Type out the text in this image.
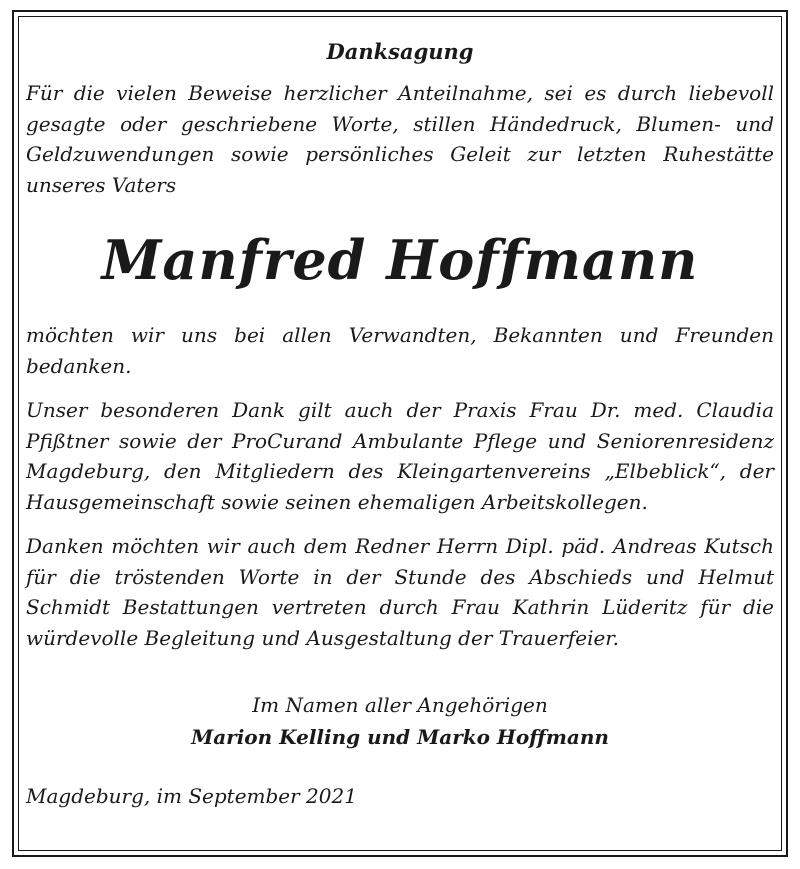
Danksagung

Für die vielen Beweise herzlicher Anteilnahme, sei es durch liebevoll gesagte oder geschriebene Worte, stillen Händedruck, Blumen- und Geldzuwendungen sowie persönliches Geleit zur letzten Ruhestätte unseres Vaters

Manfred Hoffmann

möchten wir uns bei allen Verwandten, Bekannten und Freunden bedanken.

Unser besonderen Dank gilt auch der Praxis Frau Dr. med. Claudia Pfißtner sowie der ProCurand Ambulante Pflege und Seniorenresidenz Magdeburg, den Mitgliedern des Kleingartenvereins „Elbeblick“, der Hausgemeinschaft sowie seinen ehemaligen Arbeitskollegen.

Danken möchten wir auch dem Redner Herrn Dipl. päd. Andreas Kutsch für die tröstenden Worte in der Stunde des Abschieds und Helmut Schmidt Bestattungen vertreten durch Frau Kathrin Lüderitz für die würdevolle Begleitung und Ausgestaltung der Trauerfeier.

Im Namen aller Angehörigen
Marion Kelling und Marko Hoffmann
Magdeburg, im September 2021
